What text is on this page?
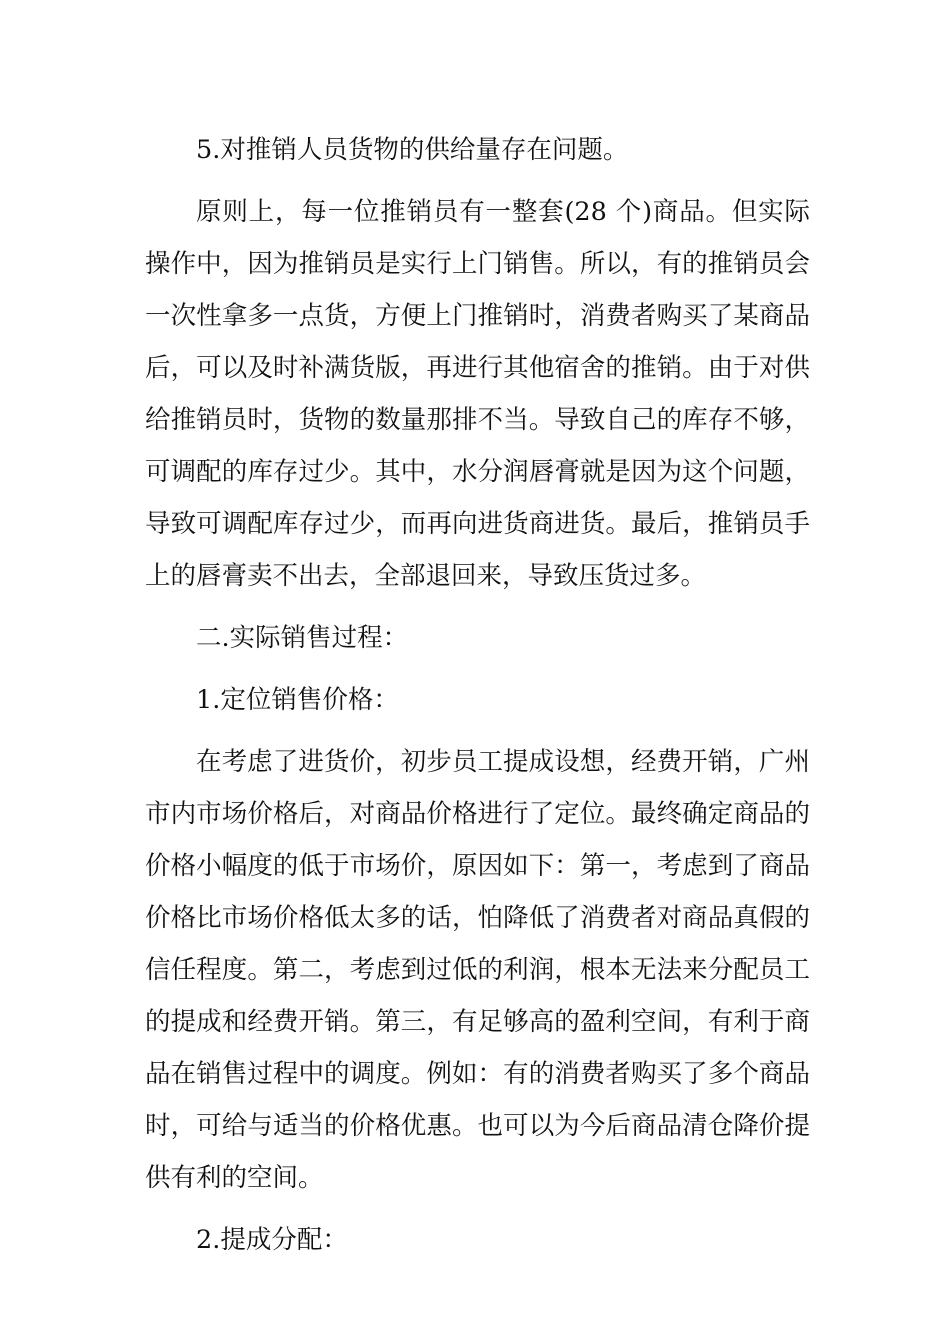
5.对推销人员货物的供给量存在问题。

原则上，每一位推销员有一整套(28 个)商品。但实际操作中，因为推销员是实行上门销售。所以，有的推销员会一次性拿多一点货，方便上门推销时，消费者购买了某商品后，可以及时补满货版，再进行其他宿舍的推销。由于对供给推销员时，货物的数量那排不当。导致自己的库存不够，可调配的库存过少。其中，水分润唇膏就是因为这个问题，导致可调配库存过少，而再向进货商进货。最后，推销员手上的唇膏卖不出去，全部退回来，导致压货过多。

二.实际销售过程：

1.定位销售价格：

在考虑了进货价，初步员工提成设想，经费开销，广州市内市场价格后，对商品价格进行了定位。最终确定商品的价格小幅度的低于市场价，原因如下：第一，考虑到了商品价格比市场价格低太多的话，怕降低了消费者对商品真假的信任程度。第二，考虑到过低的利润，根本无法来分配员工的提成和经费开销。第三，有足够高的盈利空间，有利于商品在销售过程中的调度。例如：有的消费者购买了多个商品时，可给与适当的价格优惠。也可以为今后商品清仓降价提供有利的空间。

2.提成分配：
